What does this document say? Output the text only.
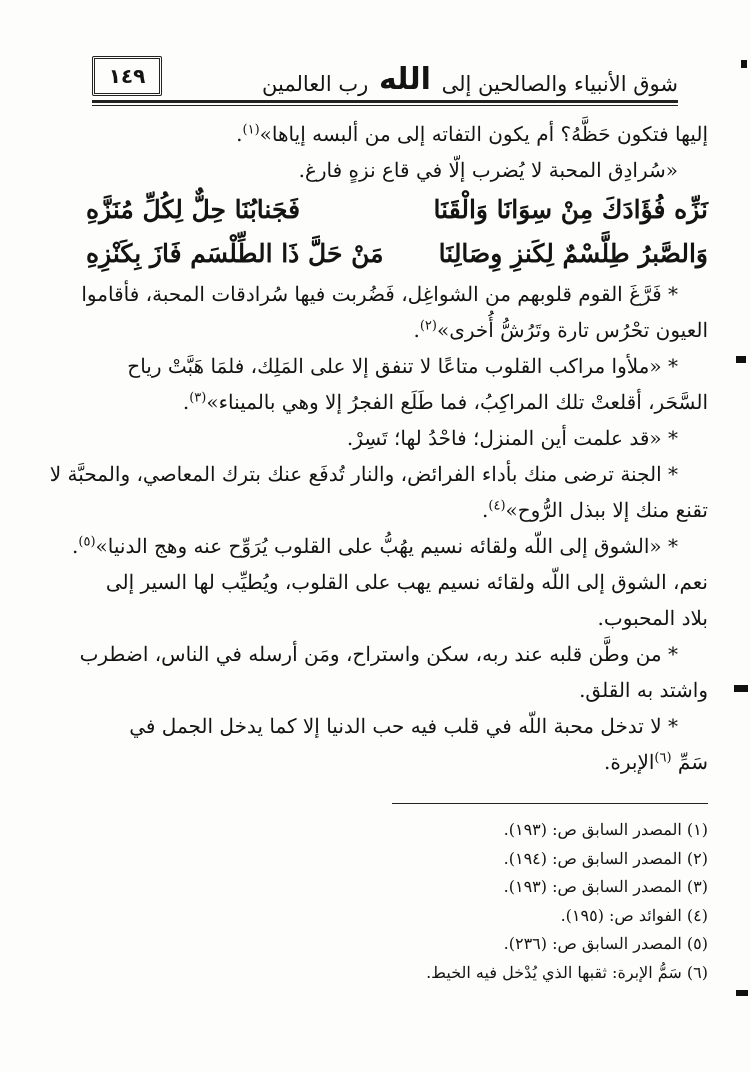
شوق الأنبياء والصالحين إلى الله رب العالمين
١٤٩
إليها فتكون حَظَّهُ؟ أم يكون التفاته إلى من ألبسه إياها»$^{(١)}$.
«سُرادِق المحبة لا يُضرب إلّا في قاع نزهٍ فارغ.
نَزِّه فُؤَادَكَ مِنْ سِوَانَا وَالْقَنَا
فَجَنابُنَا حِلٌّ لِكُلِّ مُنَزَّهِ
وَالصَّبرُ طِلَّسْمٌ لِكَنزِ وِصَالِنَا
مَنْ حَلَّ ذَا الطِّلْسَم فَازَ بِكَنْزِهِ
* فَرَّغَ القوم قلوبهم من الشواغِل، فَضُربت فيها سُرادقات المحبة، فأقاموا
العيون تحْرُس تارة وتَرُشُّ أُخرى»$^{(٢)}$.
* «ملأوا مراكب القلوب متاعًا لا تنفق إلا على المَلِك، فلمَا هَبَّتْ رياح
السَّحَر، أقلعتْ تلك المراكِبُ، فما طَلَع الفجرُ إلا وهي بالميناء»$^{(٣)}$.
* «قد علمت أين المنزل؛ فاحْدُ لها؛ تَسِرْ.
* الجنة ترضى منك بأداء الفرائض، والنار تُدفَع عنك بترك المعاصي، والمحبَّة لا
تقنع منك إلا ببذل الرُّوح»$^{(٤)}$.
* «الشوق إلى اللّه ولقائه نسيم يهُبُّ على القلوب يُرَوِّح عنه وهج الدنيا»$^{(٥)}$.
نعم، الشوق إلى اللّه ولقائه نسيم يهب على القلوب، ويُطيِّب لها السير إلى
بلاد المحبوب.
* من وطَّن قلبه عند ربه، سكن واستراح، ومَن أرسله في الناس، اضطرب
واشتد به القلق.
* لا تدخل محبة اللّه في قلب فيه حب الدنيا إلا كما يدخل الجمل في
سَمِّ $^{(٦)}$الإبرة.
(١) المصدر السابق ص: (١٩٣).
(٢) المصدر السابق ص: (١٩٤).
(٣) المصدر السابق ص: (١٩٣).
(٤) الفوائد ص: (١٩٥).
(٥) المصدر السابق ص: (٢٣٦).
(٦) سَمُّ الإبرة: ثقبها الذي يُدْخل فيه الخيط.
